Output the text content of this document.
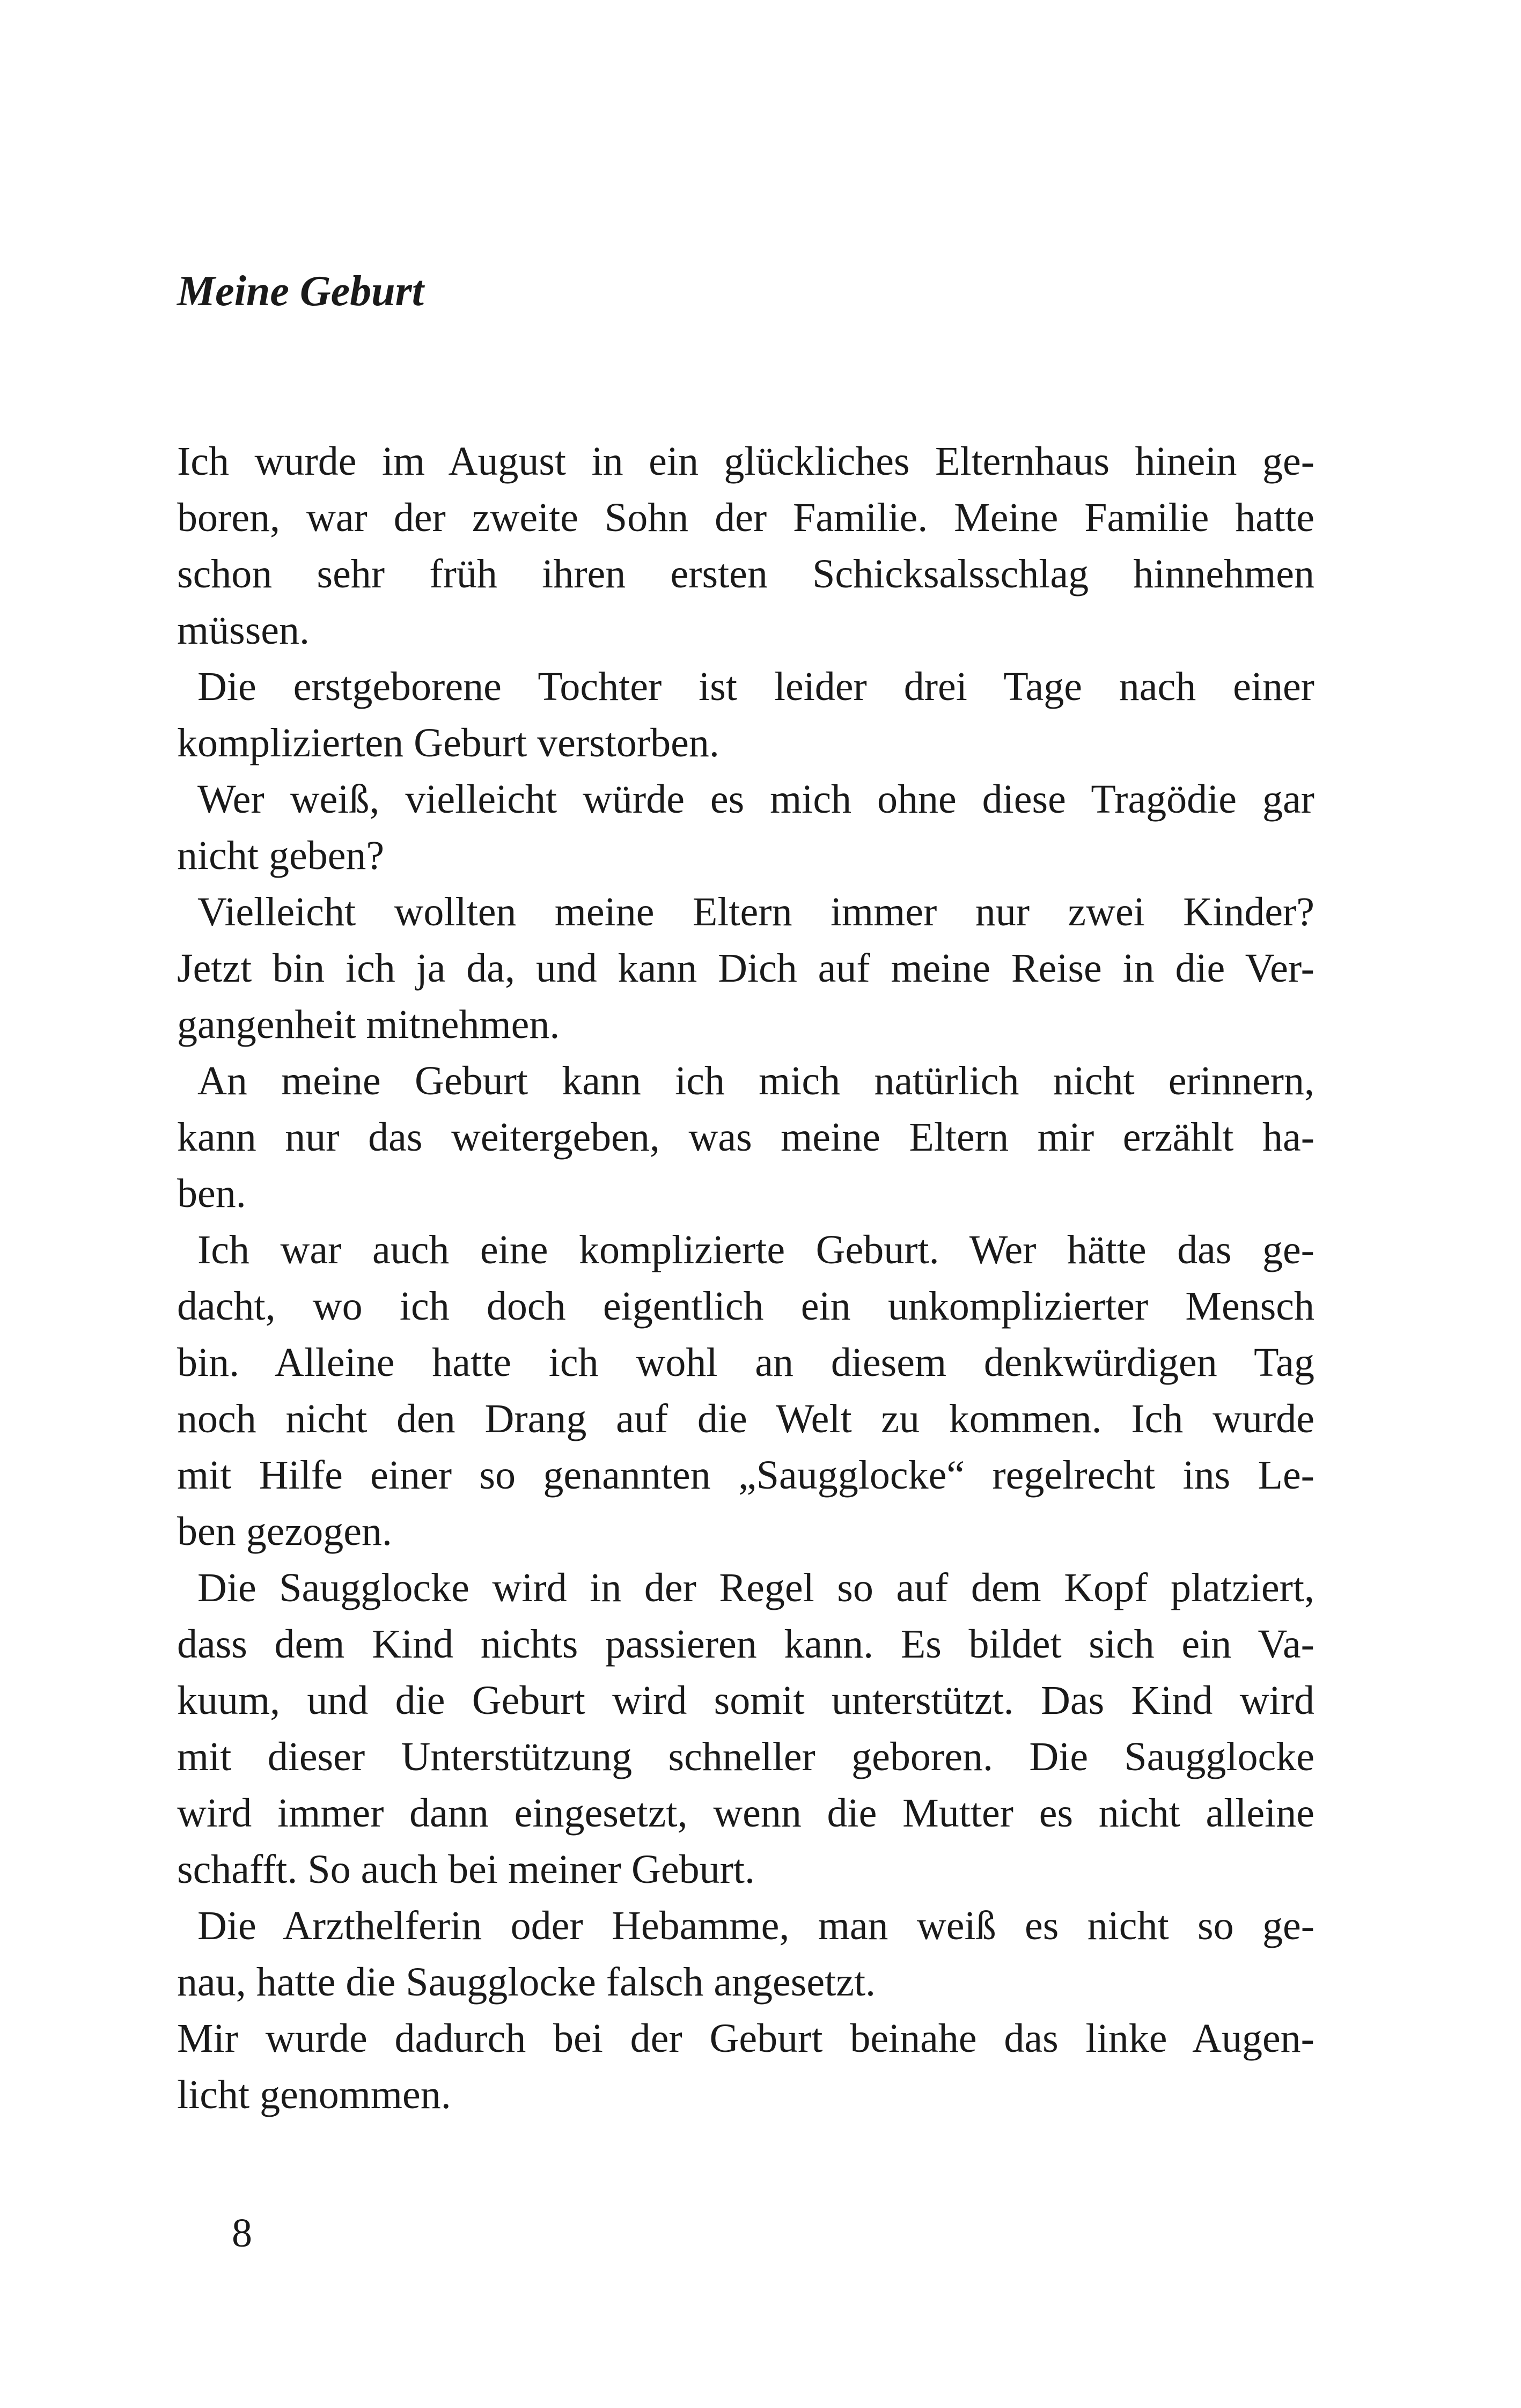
Meine Geburt
Ich wurde im August in ein glückliches Elternhaus hinein ge-
boren, war der zweite Sohn der Familie. Meine Familie hatte
schon sehr früh ihren ersten Schicksalsschlag hinnehmen
müssen.
Die erstgeborene Tochter ist leider drei Tage nach einer
komplizierten Geburt verstorben.
Wer weiß, vielleicht würde es mich ohne diese Tragödie gar
nicht geben?
Vielleicht wollten meine Eltern immer nur zwei Kinder?
Jetzt bin ich ja da, und kann Dich auf meine Reise in die Ver-
gangenheit mitnehmen.
An meine Geburt kann ich mich natürlich nicht erinnern,
kann nur das weitergeben, was meine Eltern mir erzählt ha-
ben.
Ich war auch eine komplizierte Geburt. Wer hätte das ge-
dacht, wo ich doch eigentlich ein unkomplizierter Mensch
bin. Alleine hatte ich wohl an diesem denkwürdigen Tag
noch nicht den Drang auf die Welt zu kommen. Ich wurde
mit Hilfe einer so genannten „Saugglocke“ regelrecht ins Le-
ben gezogen.
Die Saugglocke wird in der Regel so auf dem Kopf platziert,
dass dem Kind nichts passieren kann. Es bildet sich ein Va-
kuum, und die Geburt wird somit unterstützt. Das Kind wird
mit dieser Unterstützung schneller geboren. Die Saugglocke
wird immer dann eingesetzt, wenn die Mutter es nicht alleine
schafft. So auch bei meiner Geburt.
Die Arzthelferin oder Hebamme, man weiß es nicht so ge-
nau, hatte die Saugglocke falsch angesetzt.
Mir wurde dadurch bei der Geburt beinahe das linke Augen-
licht genommen.
8
